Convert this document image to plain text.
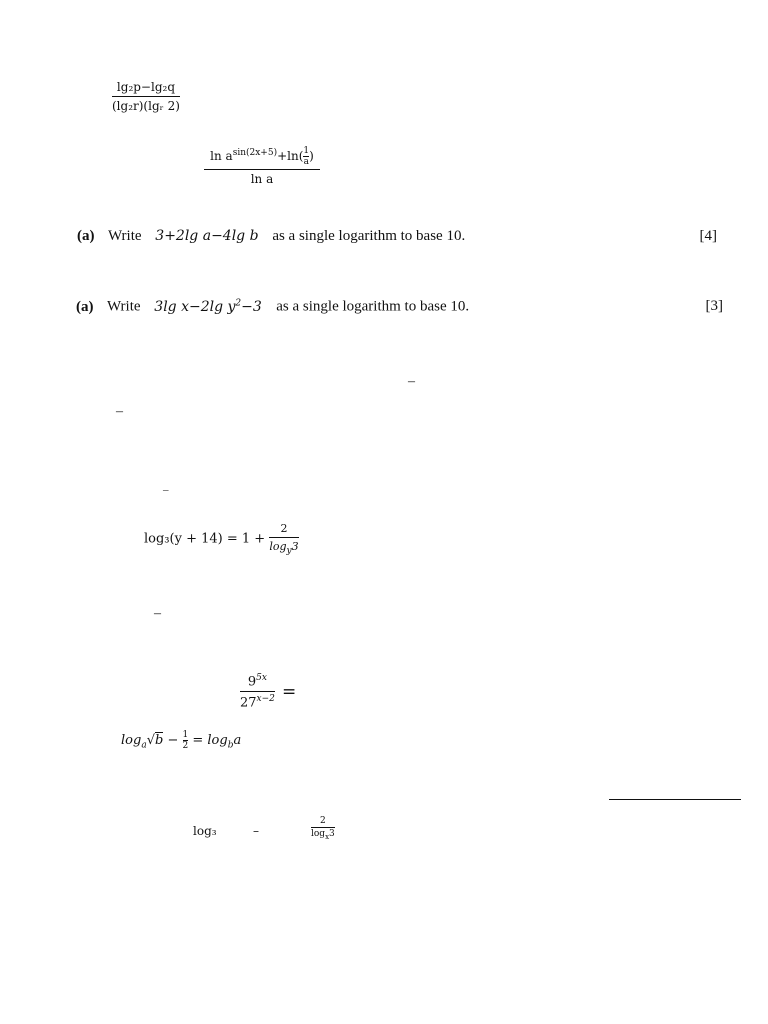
$\frac{\text{lg₂p−lg₂q}}{\text{(lg₂r)(lgᵣ 2)}}$
$\frac{\ln a^{sin(2x+5)}+\ln( \frac{1}{a} )}{\text{ln a}}$
(a) Write 3+2lg a−4lg b as a single logarithm to base 10.	[4]
(a) Write 3lg x−2lg $y^2-3$ as a single logarithm to base 10.	[3]
–
–
–
–
$\log_3(y + 14) = 1 + \frac{2}{\log_y3}$
$\frac{9^{5x}}{27^{x-2}}$ =
$\log_a√b - \frac{1}{2} = \log_ba$
log₃	–
2
$\log_x3$
